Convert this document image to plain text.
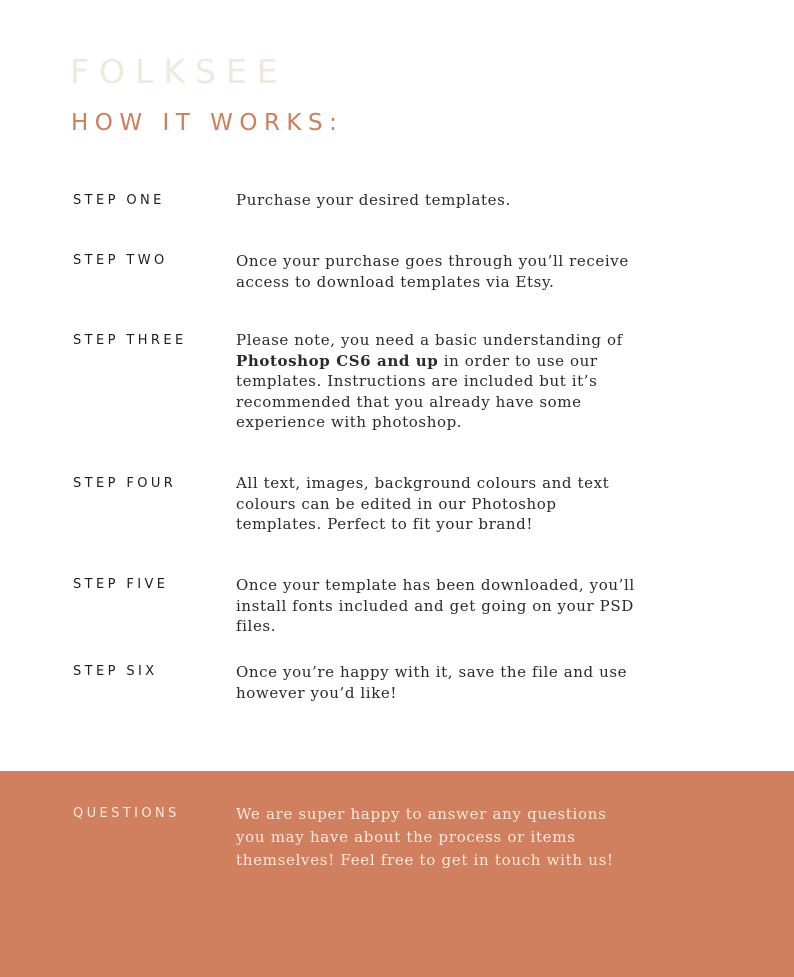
FOLKSEE
HOW IT WORKS:
STEP ONE	Purchase your desired templates.
STEP TWO	Once your purchase goes through you’ll receive access to download templates via Etsy.
STEP THREE	Please note, you need a basic understanding of Photoshop CS6 and up in order to use our templates. Instructions are included but it’s recommended that you already have some experience with photoshop.
STEP FOUR	All text, images, background colours and text colours can be edited in our Photoshop templates. Perfect to fit your brand!
STEP FIVE	Once your template has been downloaded, you’ll install fonts included and get going on your PSD files.
STEP SIX	Once you’re happy with it, save the file and use however you’d like!
QUESTIONS	We are super happy to answer any questions you may have about the process or items themselves! Feel free to get in touch with us!
